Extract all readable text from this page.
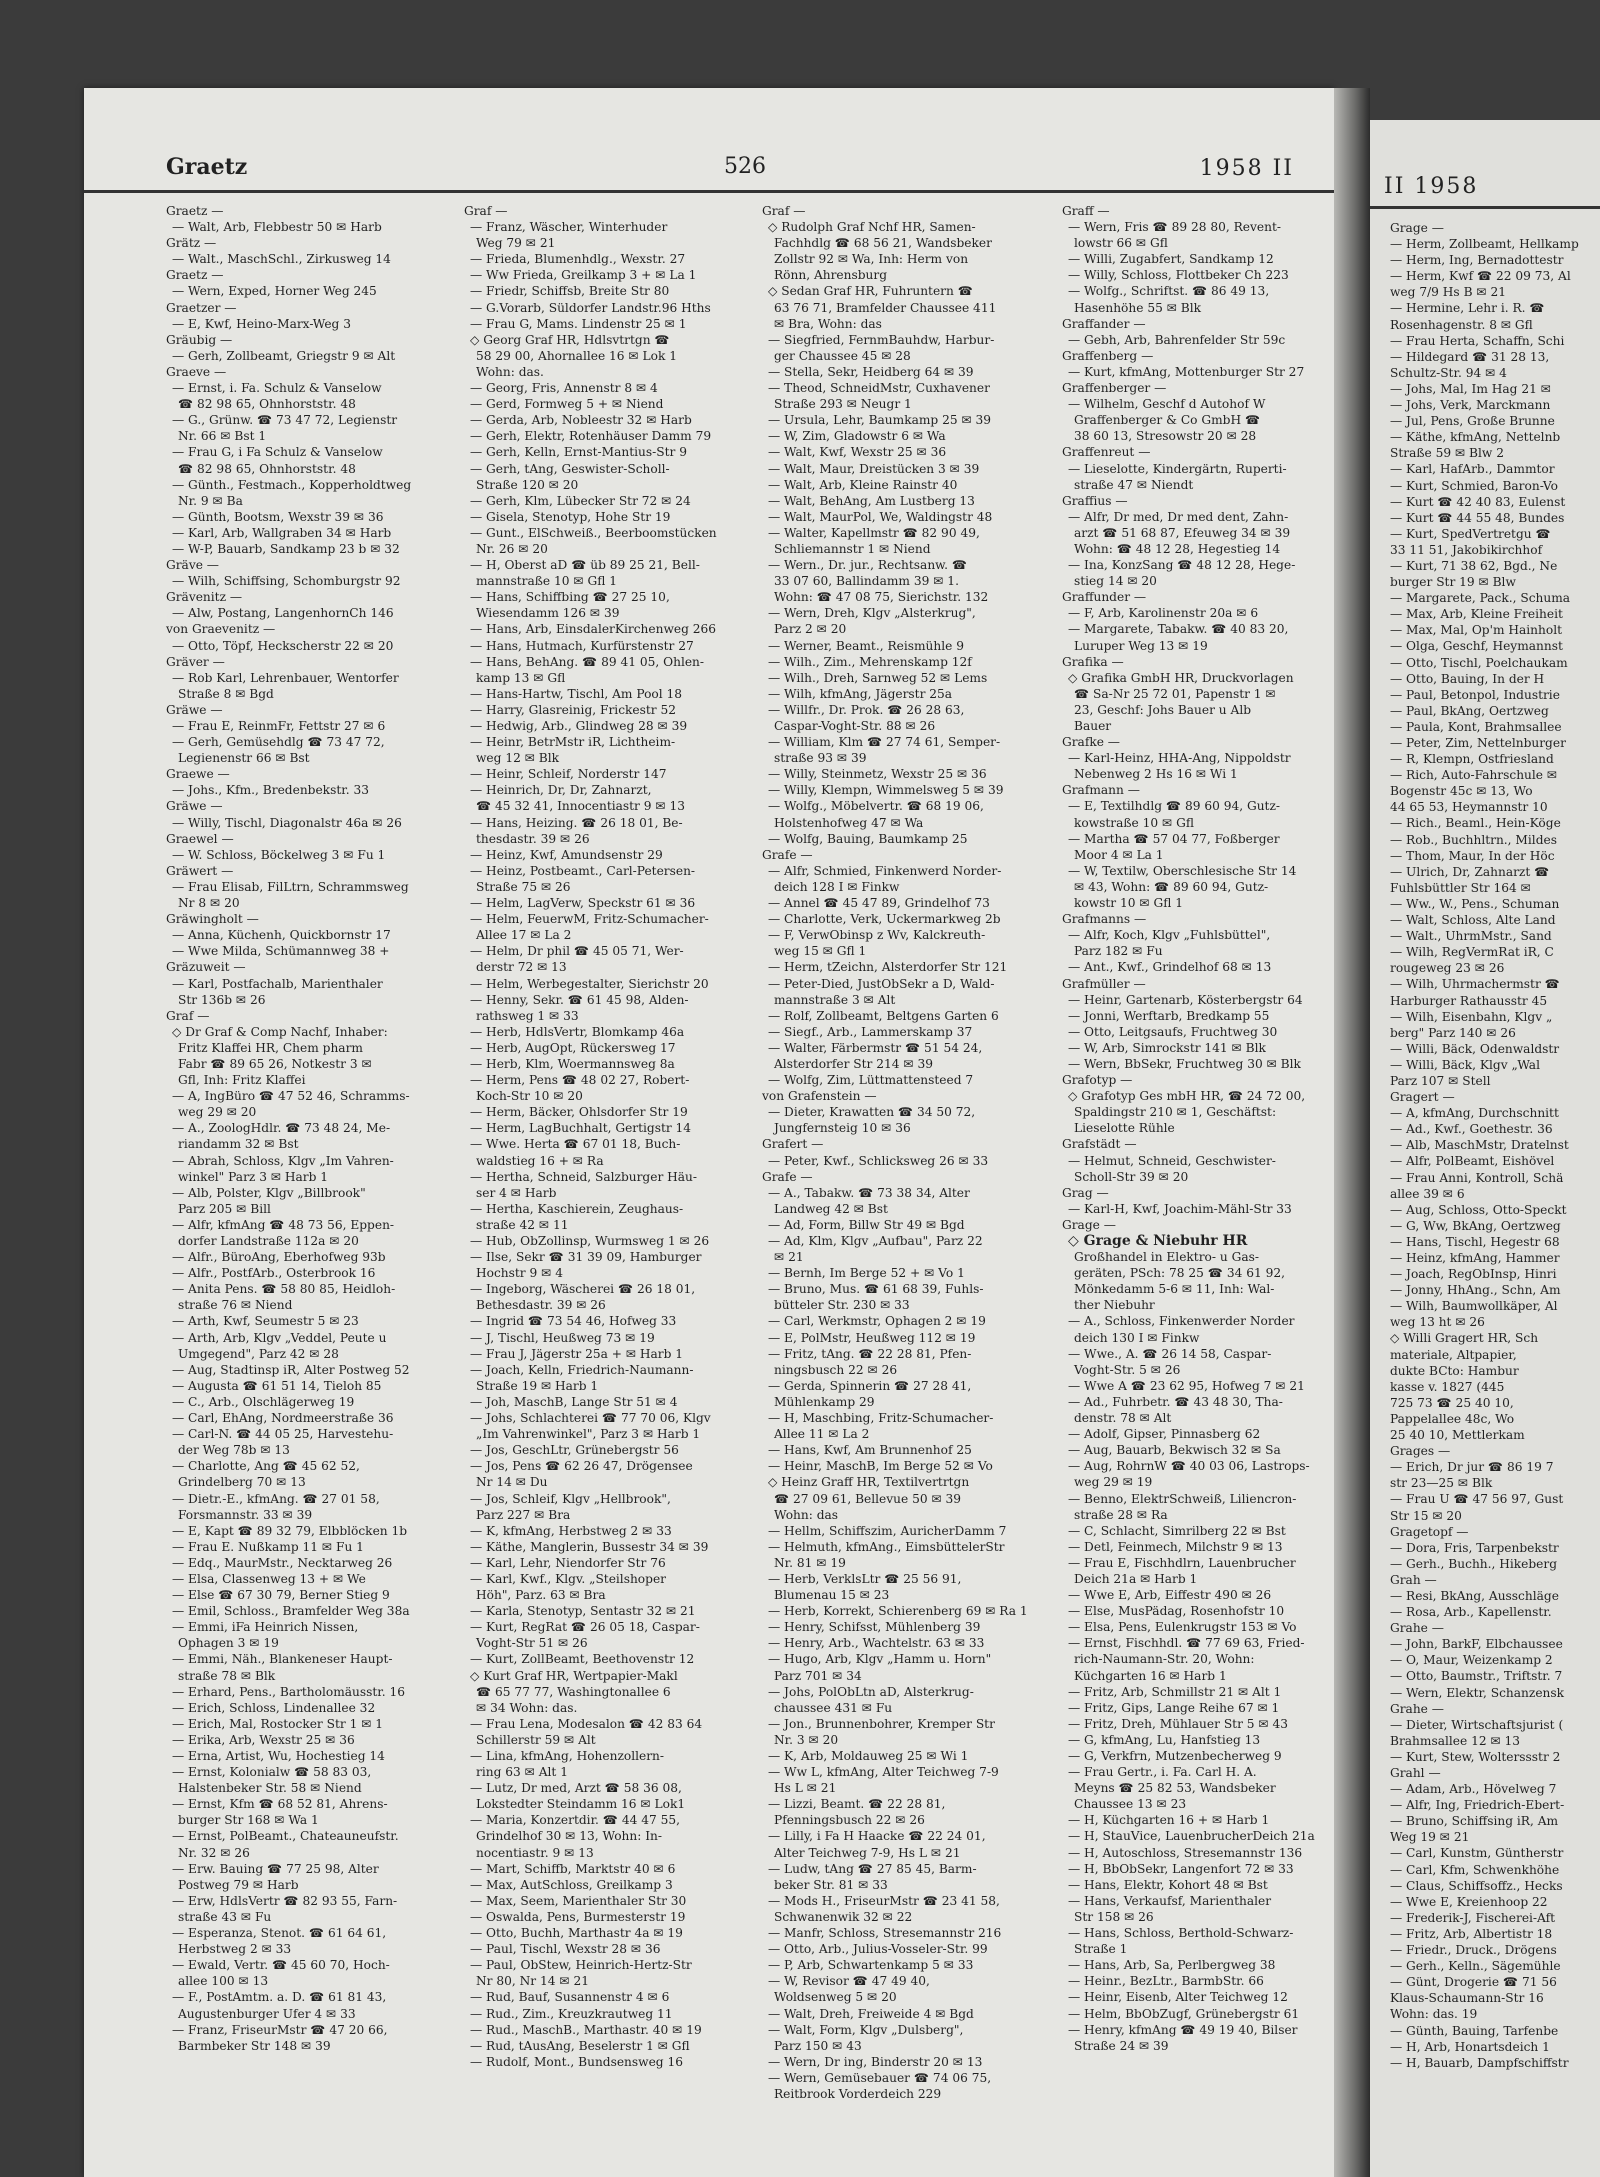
Graetz	526	1958 II
Graetz —
— Walt, Arb, Flebbestr 50 ✉ Harb
Grätz —
— Walt., MaschSchl., Zirkusweg 14
Graetz —
— Wern, Exped, Horner Weg 245
Graetzer —
— E, Kwf, Heino-Marx-Weg 3
Gräubig —
— Gerh, Zollbeamt, Griegstr 9 ✉ Alt
Graeve —
— Ernst, i. Fa. Schulz & Vanselow
☎ 82 98 65, Ohnhorststr. 48
— G., Grünw. ☎ 73 47 72, Legienstr
Nr. 66 ✉ Bst 1
— Frau G, i Fa Schulz & Vanselow
☎ 82 98 65, Ohnhorststr. 48
— Günth., Festmach., Kopperholdtweg
Nr. 9 ✉ Ba
— Günth, Bootsm, Wexstr 39 ✉ 36
— Karl, Arb, Wallgraben 34 ✉ Harb
— W-P, Bauarb, Sandkamp 23 b ✉ 32
Gräve —
— Wilh, Schiffsing, Schomburgstr 92
Grävenitz —
— Alw, Postang, LangenhornCh 146
von Graevenitz —
— Otto, Töpf, Heckscherstr 22 ✉ 20
Gräver —
— Rob Karl, Lehrenbauer, Wentorfer
Straße 8 ✉ Bgd
Gräwe —
— Frau E, ReinmFr, Fettstr 27 ✉ 6
— Gerh, Gemüsehdlg ☎ 73 47 72,
Legienenstr 66 ✉ Bst
Graewe —
— Johs., Kfm., Bredenbekstr. 33
Gräwe —
— Willy, Tischl, Diagonalstr 46a ✉ 26
Graewel —
— W. Schloss, Böckelweg 3 ✉ Fu 1
Gräwert —
— Frau Elisab, FilLtrn, Schrammsweg
Nr 8 ✉ 20
Gräwingholt —
— Anna, Küchenh, Quickbornstr 17
— Wwe Milda, Schümannweg 38 +
Gräzuweit —
— Karl, Postfachalb, Marienthaler
Str 136b ✉ 26
Graf —
◇ Dr Graf & Comp Nachf, Inhaber:
Fritz Klaffei HR, Chem pharm
Fabr ☎ 89 65 26, Notkestr 3 ✉
Gfl, Inh: Fritz Klaffei
— A, IngBüro ☎ 47 52 46, Schramms-
weg 29 ✉ 20
— A., ZoologHdlr. ☎ 73 48 24, Me-
riandamm 32 ✉ Bst
— Abrah, Schloss, Klgv „Im Vahren-
winkel" Parz 3 ✉ Harb 1
— Alb, Polster, Klgv „Billbrook"
Parz 205 ✉ Bill
— Alfr, kfmAng ☎ 48 73 56, Eppen-
dorfer Landstraße 112a ✉ 20
— Alfr., BüroAng, Eberhofweg 93b
— Alfr., PostfArb., Osterbrook 16
— Anita Pens. ☎ 58 80 85, Heidloh-
straße 76 ✉ Niend
— Arth, Kwf, Seumestr 5 ✉ 23
— Arth, Arb, Klgv „Veddel, Peute u
Umgegend", Parz 42 ✉ 28
— Aug, Stadtinsp iR, Alter Postweg 52
— Augusta ☎ 61 51 14, Tieloh 85
— C., Arb., Olschlägerweg 19
— Carl, EhAng, Nordmeerstraße 36
— Carl-N. ☎ 44 05 25, Harvestehu-
der Weg 78b ✉ 13
— Charlotte, Ang ☎ 45 62 52,
Grindelberg 70 ✉ 13
— Dietr.-E., kfmAng. ☎ 27 01 58,
Forsmannstr. 33 ✉ 39
— E, Kapt ☎ 89 32 79, Elbblöcken 1b
— Frau E. Nußkamp 11 ✉ Fu 1
— Edq., MaurMstr., Necktarweg 26
— Elsa, Classenweg 13 + ✉ We
— Else ☎ 67 30 79, Berner Stieg 9
— Emil, Schloss., Bramfelder Weg 38a
— Emmi, iFa Heinrich Nissen,
Ophagen 3 ✉ 19
— Emmi, Näh., Blankeneser Haupt-
straße 78 ✉ Blk
— Erhard, Pens., Bartholomäusstr. 16
— Erich, Schloss, Lindenallee 32
— Erich, Mal, Rostocker Str 1 ✉ 1
— Erika, Arb, Wexstr 25 ✉ 36
— Erna, Artist, Wu, Hochestieg 14
— Ernst, Kolonialw ☎ 58 83 03,
Halstenbeker Str. 58 ✉ Niend
— Ernst, Kfm ☎ 68 52 81, Ahrens-
burger Str 168 ✉ Wa 1
— Ernst, PolBeamt., Chateauneufstr.
Nr. 32 ✉ 26
— Erw. Bauing ☎ 77 25 98, Alter
Postweg 79 ✉ Harb
— Erw, HdlsVertr ☎ 82 93 55, Farn-
straße 43 ✉ Fu
— Esperanza, Stenot. ☎ 61 64 61,
Herbstweg 2 ✉ 33
— Ewald, Vertr. ☎ 45 60 70, Hoch-
allee 100 ✉ 13
— F., PostAmtm. a. D. ☎ 61 81 43,
Augustenburger Ufer 4 ✉ 33
— Franz, FriseurMstr ☎ 47 20 66,
Barmbeker Str 148 ✉ 39
Graf —
— Franz, Wäscher, Winterhuder
Weg 79 ✉ 21
— Frieda, Blumenhdlg., Wexstr. 27
— Ww Frieda, Greilkamp 3 + ✉ La 1
— Friedr, Schiffsb, Breite Str 80
— G.Vorarb, Süldorfer Landstr.96 Hths
— Frau G, Mams. Lindenstr 25 ✉ 1
◇ Georg Graf HR, Hdlsvtrtgn ☎
58 29 00, Ahornallee 16 ✉ Lok 1
Wohn: das.
— Georg, Fris, Annenstr 8 ✉ 4
— Gerd, Formweg 5 + ✉ Niend
— Gerda, Arb, Nobleestr 32 ✉ Harb
— Gerh, Elektr, Rotenhäuser Damm 79
— Gerh, Kelln, Ernst-Mantius-Str 9
— Gerh, tAng, Geswister-Scholl-
Straße 120 ✉ 20
— Gerh, Klm, Lübecker Str 72 ✉ 24
— Gisela, Stenotyp, Hohe Str 19
— Gunt., ElSchweiß., Beerboomstücken
Nr. 26 ✉ 20
— H, Oberst aD ☎ üb 89 25 21, Bell-
mannstraße 10 ✉ Gfl 1
— Hans, Schiffbing ☎ 27 25 10,
Wiesendamm 126 ✉ 39
— Hans, Arb, EinsdalerKirchenweg 266
— Hans, Hutmach, Kurfürstenstr 27
— Hans, BehAng. ☎ 89 41 05, Ohlen-
kamp 13 ✉ Gfl
— Hans-Hartw, Tischl, Am Pool 18
— Harry, Glasreinig, Frickestr 52
— Hedwig, Arb., Glindweg 28 ✉ 39
— Heinr, BetrMstr iR, Lichtheim-
weg 12 ✉ Blk
— Heinr, Schleif, Norderstr 147
— Heinrich, Dr, Dr, Zahnarzt,
☎ 45 32 41, Innocentiastr 9 ✉ 13
— Hans, Heizing. ☎ 26 18 01, Be-
thesdastr. 39 ✉ 26
— Heinz, Kwf, Amundsenstr 29
— Heinz, Postbeamt., Carl-Petersen-
Straße 75 ✉ 26
— Helm, LagVerw, Speckstr 61 ✉ 36
— Helm, FeuerwM, Fritz-Schumacher-
Allee 17 ✉ La 2
— Helm, Dr phil ☎ 45 05 71, Wer-
derstr 72 ✉ 13
— Helm, Werbegestalter, Sierichstr 20
— Henny, Sekr. ☎ 61 45 98, Alden-
rathsweg 1 ✉ 33
— Herb, HdlsVertr, Blomkamp 46a
— Herb, AugOpt, Rückersweg 17
— Herb, Klm, Woermannsweg 8a
— Herm, Pens ☎ 48 02 27, Robert-
Koch-Str 10 ✉ 20
— Herm, Bäcker, Ohlsdorfer Str 19
— Herm, LagBuchhalt, Gertigstr 14
— Wwe. Herta ☎ 67 01 18, Buch-
waldstieg 16 + ✉ Ra
— Hertha, Schneid, Salzburger Häu-
ser 4 ✉ Harb
— Hertha, Kaschierein, Zeughaus-
straße 42 ✉ 11
— Hub, ObZollinsp, Wurmsweg 1 ✉ 26
— Ilse, Sekr ☎ 31 39 09, Hamburger
Hochstr 9 ✉ 4
— Ingeborg, Wäscherei ☎ 26 18 01,
Bethesdastr. 39 ✉ 26
— Ingrid ☎ 73 54 46, Hofweg 33
— J, Tischl, Heußweg 73 ✉ 19
— Frau J, Jägerstr 25a + ✉ Harb 1
— Joach, Kelln, Friedrich-Naumann-
Straße 19 ✉ Harb 1
— Joh, MaschB, Lange Str 51 ✉ 4
— Johs, Schlachterei ☎ 77 70 06, Klgv
„Im Vahrenwinkel", Parz 3 ✉ Harb 1
— Jos, GeschLtr, Grünebergstr 56
— Jos, Pens ☎ 62 26 47, Drögensee
Nr 14 ✉ Du
— Jos, Schleif, Klgv „Hellbrook",
Parz 227 ✉ Bra
— K, kfmAng, Herbstweg 2 ✉ 33
— Käthe, Manglerin, Bussestr 34 ✉ 39
— Karl, Lehr, Niendorfer Str 76
— Karl, Kwf., Klgv. „Steilshoper
Höh", Parz. 63 ✉ Bra
— Karla, Stenotyp, Sentastr 32 ✉ 21
— Kurt, RegRat ☎ 26 05 18, Caspar-
Voght-Str 51 ✉ 26
— Kurt, ZollBeamt, Beethovenstr 12
◇ Kurt Graf HR, Wertpapier-Makl
☎ 65 77 77, Washingtonallee 6
✉ 34 Wohn: das.
— Frau Lena, Modesalon ☎ 42 83 64
Schillerstr 59 ✉ Alt
— Lina, kfmAng, Hohenzollern-
ring 63 ✉ Alt 1
— Lutz, Dr med, Arzt ☎ 58 36 08,
Lokstedter Steindamm 16 ✉ Lok1
— Maria, Konzertdir. ☎ 44 47 55,
Grindelhof 30 ✉ 13, Wohn: In-
nocentiastr. 9 ✉ 13
— Mart, Schiffb, Marktstr 40 ✉ 6
— Max, AutSchloss, Greilkamp 3
— Max, Seem, Marienthaler Str 30
— Oswalda, Pens, Burmesterstr 19
— Otto, Buchh, Marthastr 4a ✉ 19
— Paul, Tischl, Wexstr 28 ✉ 36
— Paul, ObStew, Heinrich-Hertz-Str
Nr 80, Nr 14 ✉ 21
— Rud, Bauf, Susannenstr 4 ✉ 6
— Rud., Zim., Kreuzkrautweg 11
— Rud., MaschB., Marthastr. 40 ✉ 19
— Rud, tAusAng, Beselerstr 1 ✉ Gfl
— Rudolf, Mont., Bundsensweg 16
Graf —
◇ Rudolph Graf Nchf HR, Samen-
Fachhdlg ☎ 68 56 21, Wandsbeker
Zollstr 92 ✉ Wa, Inh: Herm von
Rönn, Ahrensburg
◇ Sedan Graf HR, Fuhruntern ☎
63 76 71, Bramfelder Chaussee 411
✉ Bra, Wohn: das
— Siegfried, FernmBauhdw, Harbur-
ger Chaussee 45 ✉ 28
— Stella, Sekr, Heidberg 64 ✉ 39
— Theod, SchneidMstr, Cuxhavener
Straße 293 ✉ Neugr 1
— Ursula, Lehr, Baumkamp 25 ✉ 39
— W, Zim, Gladowstr 6 ✉ Wa
— Walt, Kwf, Wexstr 25 ✉ 36
— Walt, Maur, Dreistücken 3 ✉ 39
— Walt, Arb, Kleine Rainstr 40
— Walt, BehAng, Am Lustberg 13
— Walt, MaurPol, We, Waldingstr 48
— Walter, Kapellmstr ☎ 82 90 49,
Schliemannstr 1 ✉ Niend
— Wern., Dr. jur., Rechtsanw. ☎
33 07 60, Ballindamm 39 ✉ 1.
Wohn: ☎ 47 08 75, Sierichstr. 132
— Wern, Dreh, Klgv „Alsterkrug",
Parz 2 ✉ 20
— Werner, Beamt., Reismühle 9
— Wilh., Zim., Mehrenskamp 12f
— Wilh., Dreh, Sarnweg 52 ✉ Lems
— Wilh, kfmAng, Jägerstr 25a
— Willfr., Dr. Prok. ☎ 26 28 63,
Caspar-Voght-Str. 88 ✉ 26
— William, Klm ☎ 27 74 61, Semper-
straße 93 ✉ 39
— Willy, Steinmetz, Wexstr 25 ✉ 36
— Willy, Klempn, Wimmelsweg 5 ✉ 39
— Wolfg., Möbelvertr. ☎ 68 19 06,
Holstenhofweg 47 ✉ Wa
— Wolfg, Bauing, Baumkamp 25
Grafe —
— Alfr, Schmied, Finkenwerd Norder-
deich 128 I ✉ Finkw
— Annel ☎ 45 47 89, Grindelhof 73
— Charlotte, Verk, Uckermarkweg 2b
— F, VerwObinsp z Wv, Kalckreuth-
weg 15 ✉ Gfl 1
— Herm, tZeichn, Alsterdorfer Str 121
— Peter-Died, JustObSekr a D, Wald-
mannstraße 3 ✉ Alt
— Rolf, Zollbeamt, Beltgens Garten 6
— Siegf., Arb., Lammerskamp 37
— Walter, Färbermstr ☎ 51 54 24,
Alsterdorfer Str 214 ✉ 39
— Wolfg, Zim, Lüttmattensteed 7
von Grafenstein —
— Dieter, Krawatten ☎ 34 50 72,
Jungfernsteig 10 ✉ 36
Grafert —
— Peter, Kwf., Schlicksweg 26 ✉ 33
Grafe —
— A., Tabakw. ☎ 73 38 34, Alter
Landweg 42 ✉ Bst
— Ad, Form, Billw Str 49 ✉ Bgd
— Ad, Klm, Klgv „Aufbau", Parz 22
✉ 21
— Bernh, Im Berge 52 + ✉ Vo 1
— Bruno, Mus. ☎ 61 68 39, Fuhls-
bütteler Str. 230 ✉ 33
— Carl, Werkmstr, Ophagen 2 ✉ 19
— E, PolMstr, Heußweg 112 ✉ 19
— Fritz, tAng. ☎ 22 28 81, Pfen-
ningsbusch 22 ✉ 26
— Gerda, Spinnerin ☎ 27 28 41,
Mühlenkamp 29
— H, Maschbing, Fritz-Schumacher-
Allee 11 ✉ La 2
— Hans, Kwf, Am Brunnenhof 25
— Heinr, MaschB, Im Berge 52 ✉ Vo
◇ Heinz Graff HR, Textilvertrtgn
☎ 27 09 61, Bellevue 50 ✉ 39
Wohn: das
— Hellm, Schiffszim, AuricherDamm 7
— Helmuth, kfmAng., EimsbüttelerStr
Nr. 81 ✉ 19
— Herb, VerklsLtr ☎ 25 56 91,
Blumenau 15 ✉ 23
— Herb, Korrekt, Schierenberg 69 ✉ Ra 1
— Henry, Schifsst, Mühlenberg 39
— Henry, Arb., Wachtelstr. 63 ✉ 33
— Hugo, Arb, Klgv „Hamm u. Horn"
Parz 701 ✉ 34
— Johs, PolObLtn aD, Alsterkrug-
chaussee 431 ✉ Fu
— Jon., Brunnenbohrer, Kremper Str
Nr. 3 ✉ 20
— K, Arb, Moldauweg 25 ✉ Wi 1
— Ww L, kfmAng, Alter Teichweg 7-9
Hs L ✉ 21
— Lizzi, Beamt. ☎ 22 28 81,
Pfenningsbusch 22 ✉ 26
— Lilly, i Fa H Haacke ☎ 22 24 01,
Alter Teichweg 7-9, Hs L ✉ 21
— Ludw, tAng ☎ 27 85 45, Barm-
beker Str. 81 ✉ 33
— Mods H., FriseurMstr ☎ 23 41 58,
Schwanenwik 32 ✉ 22
— Manfr, Schloss, Stresemannstr 216
— Otto, Arb., Julius-Vosseler-Str. 99
— P, Arb, Schwartenkamp 5 ✉ 33
— W, Revisor ☎ 47 49 40,
Woldsenweg 5 ✉ 20
— Walt, Dreh, Freiweide 4 ✉ Bgd
— Walt, Form, Klgv „Dulsberg",
Parz 150 ✉ 43
— Wern, Dr ing, Binderstr 20 ✉ 13
— Wern, Gemüsebauer ☎ 74 06 75,
Reitbrook Vorderdeich 229
Graff —
— Wern, Fris ☎ 89 28 80, Revent-
lowstr 66 ✉ Gfl
— Willi, Zugabfert, Sandkamp 12
— Willy, Schloss, Flottbeker Ch 223
— Wolfg., Schriftst. ☎ 86 49 13,
Hasenhöhe 55 ✉ Blk
Graffander —
— Gebh, Arb, Bahrenfelder Str 59c
Graffenberg —
— Kurt, kfmAng, Mottenburger Str 27
Graffenberger —
— Wilhelm, Geschf d Autohof W
Graffenberger & Co GmbH ☎
38 60 13, Stresowstr 20 ✉ 28
Graffenreut —
— Lieselotte, Kindergärtn, Ruperti-
straße 47 ✉ Niendt
Graffius —
— Alfr, Dr med, Dr med dent, Zahn-
arzt ☎ 51 68 87, Efeuweg 34 ✉ 39
Wohn: ☎ 48 12 28, Hegestieg 14
— Ina, KonzSang ☎ 48 12 28, Hege-
stieg 14 ✉ 20
Graffunder —
— F, Arb, Karolinenstr 20a ✉ 6
— Margarete, Tabakw. ☎ 40 83 20,
Luruper Weg 13 ✉ 19
Grafika —
◇ Grafika GmbH HR, Druckvorlagen
☎ Sa-Nr 25 72 01, Papenstr 1 ✉
23, Geschf: Johs Bauer u Alb
Bauer
Grafke —
— Karl-Heinz, HHA-Ang, Nippoldstr
Nebenweg 2 Hs 16 ✉ Wi 1
Grafmann —
— E, Textilhdlg ☎ 89 60 94, Gutz-
kowstraße 10 ✉ Gfl
— Martha ☎ 57 04 77, Foßberger
Moor 4 ✉ La 1
— W, Textilw, Oberschlesische Str 14
✉ 43, Wohn: ☎ 89 60 94, Gutz-
kowstr 10 ✉ Gfl 1
Grafmanns —
— Alfr, Koch, Klgv „Fuhlsbüttel",
Parz 182 ✉ Fu
— Ant., Kwf., Grindelhof 68 ✉ 13
Grafmüller —
— Heinr, Gartenarb, Kösterbergstr 64
— Jonni, Werftarb, Bredkamp 55
— Otto, Leitgsaufs, Fruchtweg 30
— W, Arb, Simrockstr 141 ✉ Blk
— Wern, BbSekr, Fruchtweg 30 ✉ Blk
Grafotyp —
◇ Grafotyp Ges mbH HR, ☎ 24 72 00,
Spaldingstr 210 ✉ 1, Geschäftst:
Lieselotte Rühle
Grafstädt —
— Helmut, Schneid, Geschwister-
Scholl-Str 39 ✉ 20
Grag —
— Karl-H, Kwf, Joachim-Mähl-Str 33
Grage —
◇ Grage & Niebuhr HR
Großhandel in Elektro- u Gas-
geräten, PSch: 78 25 ☎ 34 61 92,
Mönkedamm 5-6 ✉ 11, Inh: Wal-
ther Niebuhr
— A., Schloss, Finkenwerder Norder
deich 130 I ✉ Finkw
— Wwe., A. ☎ 26 14 58, Caspar-
Voght-Str. 5 ✉ 26
— Wwe A ☎ 23 62 95, Hofweg 7 ✉ 21
— Ad., Fuhrbetr. ☎ 43 48 30, Tha-
denstr. 78 ✉ Alt
— Adolf, Gipser, Pinnasberg 62
— Aug, Bauarb, Bekwisch 32 ✉ Sa
— Aug, RohrnW ☎ 40 03 06, Lastrops-
weg 29 ✉ 19
— Benno, ElektrSchweiß, Liliencron-
straße 28 ✉ Ra
— C, Schlacht, Simrilberg 22 ✉ Bst
— Detl, Feinmech, Milchstr 9 ✉ 13
— Frau E, Fischhdlrn, Lauenbrucher
Deich 21a ✉ Harb 1
— Wwe E, Arb, Eiffestr 490 ✉ 26
— Else, MusPädag, Rosenhofstr 10
— Elsa, Pens, Eulenkrugstr 153 ✉ Vo
— Ernst, Fischhdl. ☎ 77 69 63, Fried-
rich-Naumann-Str. 20, Wohn:
Küchgarten 16 ✉ Harb 1
— Fritz, Arb, Schmillstr 21 ✉ Alt 1
— Fritz, Gips, Lange Reihe 67 ✉ 1
— Fritz, Dreh, Mühlauer Str 5 ✉ 43
— G, kfmAng, Lu, Hanfstieg 13
— G, Verkfrn, Mutzenbecherweg 9
— Frau Gertr., i. Fa. Carl H. A.
Meyns ☎ 25 82 53, Wandsbeker
Chaussee 13 ✉ 23
— H, Küchgarten 16 + ✉ Harb 1
— H, StauVice, LauenbrucherDeich 21a
— H, Autoschloss, Stresemannstr 136
— H, BbObSekr, Langenfort 72 ✉ 33
— Hans, Elektr, Kohort 48 ✉ Bst
— Hans, Verkaufsf, Marienthaler
Str 158 ✉ 26
— Hans, Schloss, Berthold-Schwarz-
Straße 1
— Hans, Arb, Sa, Perlbergweg 38
— Heinr., BezLtr., BarmbStr. 66
— Heinr, Eisenb, Alter Teichweg 12
— Helm, BbObZugf, Grünebergstr 61
— Henry, kfmAng ☎ 49 19 40, Bilser
Straße 24 ✉ 39
II 1958
Grage —
— Herm, Zollbeamt, Hellkamp
— Herm, Ing, Bernadottestr
— Herm, Kwf ☎ 22 09 73, Al
weg 7/9 Hs B ✉ 21
— Hermine, Lehr i. R. ☎
Rosenhagenstr. 8 ✉ Gfl
— Frau Herta, Schaffn, Schi
— Hildegard ☎ 31 28 13,
Schultz-Str. 94 ✉ 4
— Johs, Mal, Im Hag 21 ✉
— Johs, Verk, Marckmann
— Jul, Pens, Große Brunne
— Käthe, kfmAng, Nettelnb
Straße 59 ✉ Blw 2
— Karl, HafArb., Dammtor
— Kurt, Schmied, Baron-Vo
— Kurt ☎ 42 40 83, Eulenst
— Kurt ☎ 44 55 48, Bundes
— Kurt, SpedVertretgu ☎
33 11 51, Jakobikirchhof
— Kurt, 71 38 62, Bgd., Ne
burger Str 19 ✉ Blw
— Margarete, Pack., Schuma
— Max, Arb, Kleine Freiheit
— Max, Mal, Op'm Hainholt
— Olga, Geschf, Heymannst
— Otto, Tischl, Poelchaukam
— Otto, Bauing, In der H
— Paul, Betonpol, Industrie
— Paul, BkAng, Oertzweg
— Paula, Kont, Brahmsallee
— Peter, Zim, Nettelnburger
— R, Klempn, Ostfriesland
— Rich, Auto-Fahrschule ✉
Bogenstr 45c ✉ 13, Wo
44 65 53, Heymannstr 10
— Rich., Beaml., Hein-Köge
— Rob., Buchhltrn., Mildes
— Thom, Maur, In der Höc
— Ulrich, Dr, Zahnarzt ☎
Fuhlsbüttler Str 164 ✉
— Ww., W., Pens., Schuman
— Walt, Schloss, Alte Land
— Walt., UhrmMstr., Sand
— Wilh, RegVermRat iR, C
rougeweg 23 ✉ 26
— Wilh, Uhrmachermstr ☎
Harburger Rathausstr 45
— Wilh, Eisenbahn, Klgv „
berg" Parz 140 ✉ 26
— Willi, Bäck, Odenwaldstr
— Willi, Bäck, Klgv „Wal
Parz 107 ✉ Stell
Gragert —
— A, kfmAng, Durchschnitt
— Ad., Kwf., Goethestr. 36
— Alb, MaschMstr, Dratelnst
— Alfr, PolBeamt, Eishövel
— Frau Anni, Kontroll, Schä
allee 39 ✉ 6
— Aug, Schloss, Otto-Speckt
— G, Ww, BkAng, Oertzweg
— Hans, Tischl, Hegestr 68
— Heinz, kfmAng, Hammer
— Joach, RegObInsp, Hinri
— Jonny, HhAng., Schn, Am
— Wilh, Baumwollkäper, Al
weg 13 ht ✉ 26
◇ Willi Gragert HR, Sch
materiale, Altpapier,
dukte BCto: Hambur
kasse v. 1827 (445
725 73 ☎ 25 40 10,
Pappelallee 48c, Wo
25 40 10, Mettlerkam
Grages —
— Erich, Dr jur ☎ 86 19 7
str 23—25 ✉ Blk
— Frau U ☎ 47 56 97, Gust
Str 15 ✉ 20
Gragetopf —
— Dora, Fris, Tarpenbekstr
— Gerh., Buchh., Hikeberg
Grah —
— Resi, BkAng, Ausschläge
— Rosa, Arb., Kapellenstr.
Grahe —
— John, BarkF, Elbchaussee
— O, Maur, Weizenkamp 2
— Otto, Baumstr., Triftstr. 7
— Wern, Elektr, Schanzensk
Grahe —
— Dieter, Wirtschaftsjurist (
Brahmsallee 12 ✉ 13
— Kurt, Stew, Wolterssstr 2
Grahl —
— Adam, Arb., Hövelweg 7
— Alfr, Ing, Friedrich-Ebert-
— Bruno, Schiffsing iR, Am
Weg 19 ✉ 21
— Carl, Kunstm, Güntherstr
— Carl, Kfm, Schwenkhöhe
— Claus, Schiffsoffz., Hecks
— Wwe E, Kreienhoop 22
— Frederik-J, Fischerei-Aft
— Fritz, Arb, Albertistr 18
— Friedr., Druck., Drögens
— Gerh., Kelln., Sägemühle
— Günt, Drogerie ☎ 71 56
Klaus-Schaumann-Str 16
Wohn: das. 19
— Günth, Bauing, Tarfenbe
— H, Arb, Honartsdeich 1
— H, Bauarb, Dampfschiffstr
